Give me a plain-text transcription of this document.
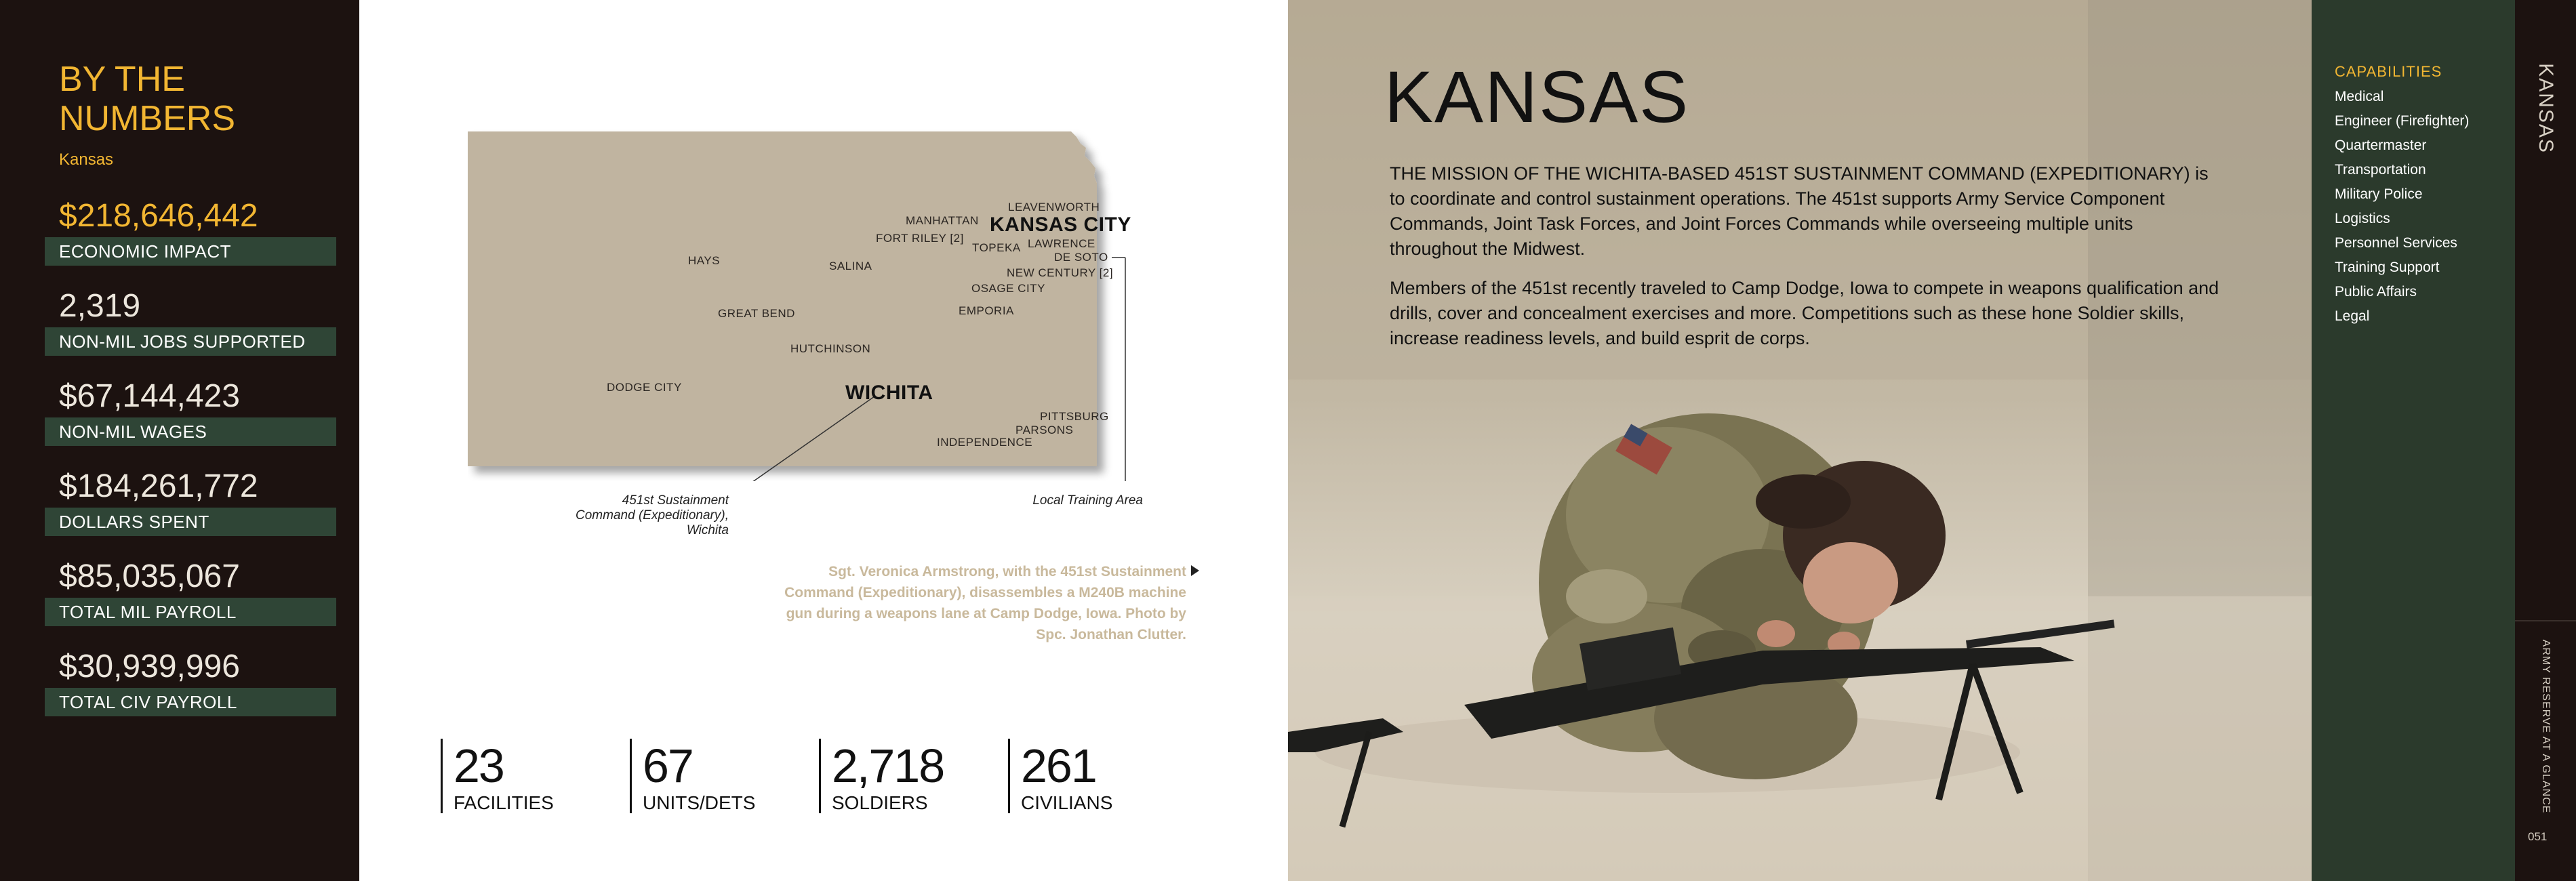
BY THE NUMBERS
Kansas
$218,646,442
ECONOMIC IMPACT
2,319
NON-MIL JOBS SUPPORTED
$67,144,423
NON-MIL WAGES
$184,261,772
DOLLARS SPENT
$85,035,067
TOTAL MIL PAYROLL
$30,939,996
TOTAL CIV PAYROLL
LEAVENWORTH
MANHATTAN KANSAS CITY
FORT RILEY [2]
TOPEKA LAWRENCE
DE SOTO
HAYS	SALINA
NEW CENTURY [2]
OSAGE CITY
GREAT BEND	EMPORIA
HUTCHINSON
DODGE CITY	WICHITA
PITTSBURG
PARSONS
INDEPENDENCE
451st Sustainment
Command (Expeditionary),
Wichita
Local Training Area
Sgt. Veronica Armstrong, with the 451st Sustainment Command (Expeditionary), disassembles a M240B machine gun during a weapons lane at Camp Dodge, Iowa. Photo by Spc. Jonathan Clutter.
23
FACILITIES
67
UNITS/DETS
2,718
SOLDIERS
261
CIVILIANS
KANSAS
THE MISSION OF THE WICHITA-BASED 451ST SUSTAINMENT COMMAND (EXPEDITIONARY) is to coordinate and control sustainment operations. The 451st supports Army Service Component Commands, Joint Task Forces, and Joint Forces Commands while overseeing multiple units throughout the Midwest.
Members of the 451st recently traveled to Camp Dodge, Iowa to compete in weapons qualification and drills, cover and concealment exercises and more. Competitions such as these hone Soldier skills, increase readiness levels, and build esprit de corps.
CAPABILITIES
Medical
Engineer (Firefighter)
Quartermaster
Transportation
Military Police
Logistics
Personnel Services
Training Support
Public Affairs
Legal
KANSAS
ARMY RESERVE AT A GLANCE
051
